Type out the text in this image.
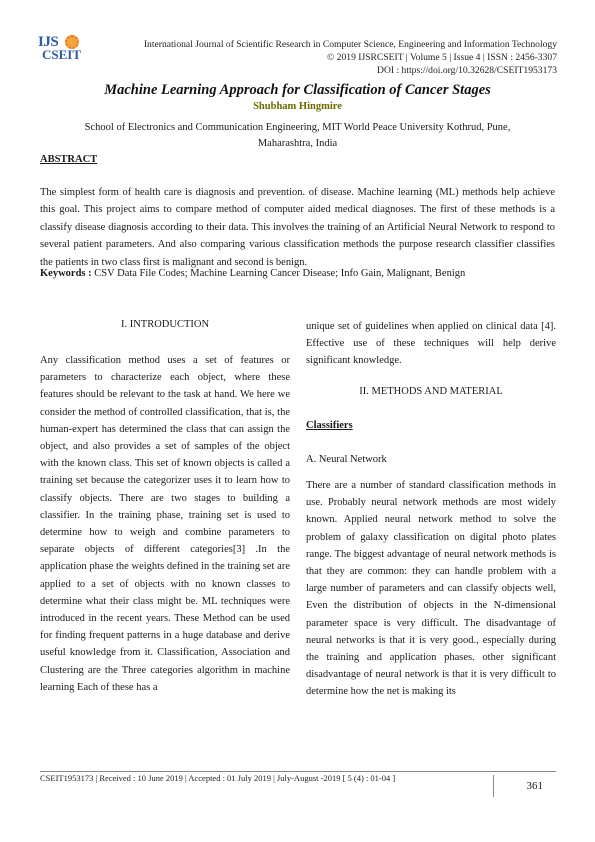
IJS
CSEIT
International Journal of Scientific Research in Computer Science, Engineering and Information Technology
© 2019 IJSRCSEIT | Volume 5 | Issue 4 | ISSN : 2456-3307
DOI : https://doi.org/10.32628/CSEIT1953173
Machine Learning Approach for Classification of Cancer Stages
Shubham Hingmire
School of Electronics and Communication Engineering, MIT World Peace University Kothrud, Pune,
Maharashtra, India
ABSTRACT
The simplest form of health care is diagnosis and prevention. of disease. Machine learning (ML) methods help achieve this goal. This project aims to compare method of computer aided medical diagnoses. The first of these methods is a classify disease diagnosis according to their data. This involves the training of an Artificial Neural Network to respond to several patient parameters. And also comparing various classification methods the purpose research classifier classifies the patients in two class first is malignant and second is benign.
Keywords : CSV Data File Codes; Machine Learning Cancer Disease; Info Gain, Malignant, Benign
I. INTRODUCTION
Any classification method uses a set of features or parameters to characterize each object, where these features should be relevant to the task at hand. We here we consider the method of controlled classification, that is, the human-expert has determined the class that can assign the object, and also provides a set of samples of the object with the known class. This set of known objects is called a training set because the categorizer uses it to learn how to classify objects. There are two stages to building a classifier. In the training phase, training set is used to determine how to weigh and combine parameters to separate objects of different categories[3] .In the application phase the weights defined in the training set are applied to a set of objects with no known classes to determine what their class might be. ML techniques were introduced in the recent years. These Method can be used for finding frequent patterns in a huge database and derive useful knowledge from it. Classification, Association and Clustering are the Three categories algorithm in machine learning Each of these has a
unique set of guidelines when applied on clinical data [4]. Effective use of these techniques will help derive significant knowledge.
II. METHODS AND MATERIAL
Classifiers
A. Neural Network
There are a number of standard classification methods in use. Probably neural network methods are most widely known. Applied neural network method to solve the problem of galaxy classification on digital photo plates range. The biggest advantage of neural network methods is that they are common: they can handle problem with a large number of parameters and can classify objects well, Even the distribution of objects in the N-dimensional parameter space is very difficult. The disadvantage of neural networks is that it is very good., especially during the training and application phases. other significant disadvantage of neural network is that it is very difficult to determine how the net is making its
CSEIT1953173 | Received : 10 June 2019 | Accepted : 01 July 2019 | July-August -2019 [ 5 (4) : 01-04 ]
361
